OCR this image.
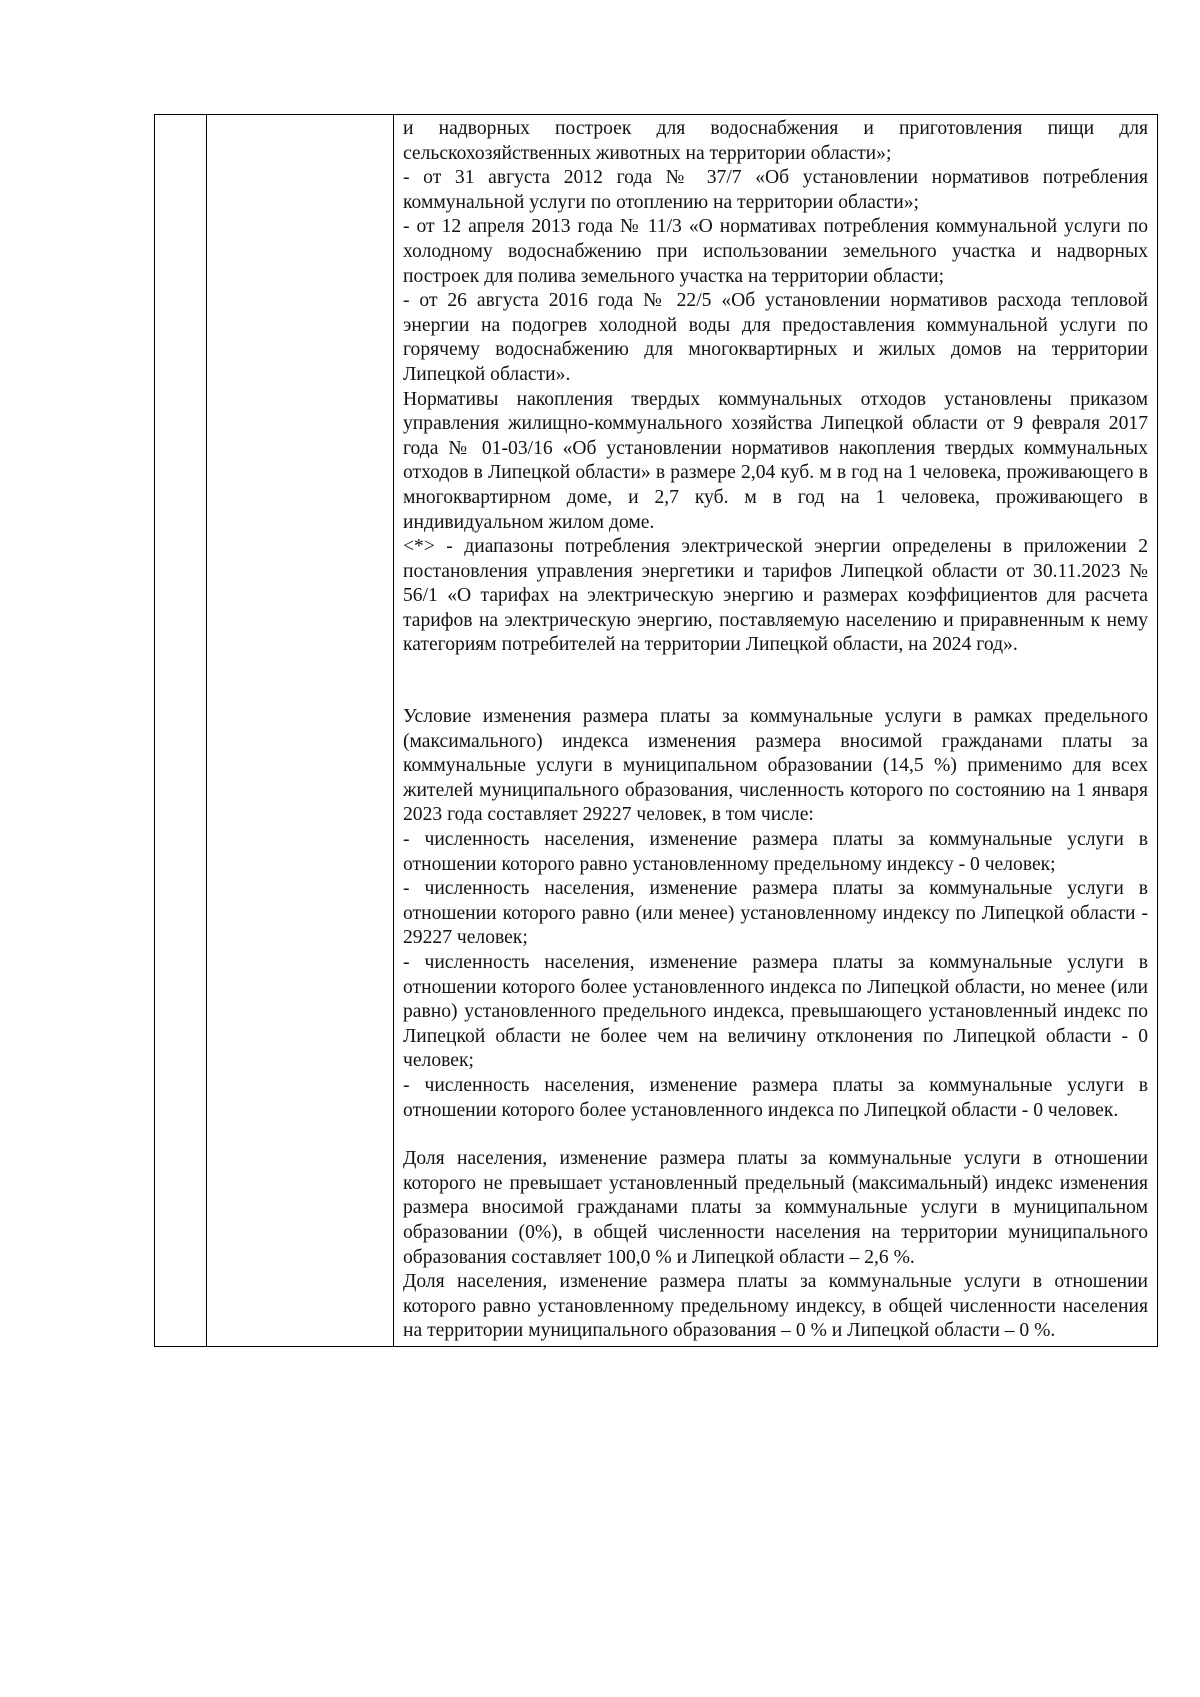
и надворных построек для водоснабжения и приготовления пищи для сельскохозяйственных животных на территории области»;

- от 31 августа 2012 года № 37/7 «Об установлении нормативов потребления коммунальной услуги по отоплению на территории области»;

- от 12 апреля 2013 года № 11/3 «О нормативах потребления коммунальной услуги по холодному водоснабжению при использовании земельного участка и надворных построек для полива земельного участка на территории области;

- от 26 августа 2016 года № 22/5 «Об установлении нормативов расхода тепловой энергии на подогрев холодной воды для предоставления коммунальной услуги по горячему водоснабжению для многоквартирных и жилых домов на территории Липецкой области».

Нормативы накопления твердых коммунальных отходов установлены приказом управления жилищно-коммунального хозяйства Липецкой области от 9 февраля 2017 года № 01-03/16 «Об установлении нормативов накопления твердых коммунальных отходов в Липецкой области» в размере 2,04 куб. м в год на 1 человека, проживающего в многоквартирном доме, и 2,7 куб. м в год на 1 человека, проживающего в индивидуальном жилом доме.

<*> - диапазоны потребления электрической энергии определены в приложении 2 постановления управления энергетики и тарифов Липецкой области от 30.11.2023 № 56/1 «О тарифах на электрическую энергию и размерах коэффициентов для расчета тарифов на электрическую энергию, поставляемую населению и приравненным к нему категориям потребителей на территории Липецкой области, на 2024 год».

Условие изменения размера платы за коммунальные услуги в рамках предельного (максимального) индекса изменения размера вносимой гражданами платы за коммунальные услуги в муниципальном образовании (14,5 %) применимо для всех жителей муниципального образования, численность которого по состоянию на 1 января 2023 года составляет 29227 человек, в том числе:

- численность населения, изменение размера платы за коммунальные услуги в отношении которого равно установленному предельному индексу - 0 человек;

- численность населения, изменение размера платы за коммунальные услуги в отношении которого равно (или менее) установленному индексу по Липецкой области - 29227 человек;

- численность населения, изменение размера платы за коммунальные услуги в отношении которого более установленного индекса по Липецкой области, но менее (или равно) установленного предельного индекса, превышающего установленный индекс по Липецкой области не более чем на величину отклонения по Липецкой области - 0 человек;

- численность населения, изменение размера платы за коммунальные услуги в отношении которого более установленного индекса по Липецкой области - 0 человек.

Доля населения, изменение размера платы за коммунальные услуги в отношении которого не превышает установленный предельный (максимальный) индекс изменения размера вносимой гражданами платы за коммунальные услуги в муниципальном образовании (0%), в общей численности населения на территории муниципального образования составляет 100,0 % и Липецкой области – 2,6 %.

Доля населения, изменение размера платы за коммунальные услуги в отношении которого равно установленному предельному индексу, в общей численности населения на территории муниципального образования – 0 % и Липецкой области – 0 %.
